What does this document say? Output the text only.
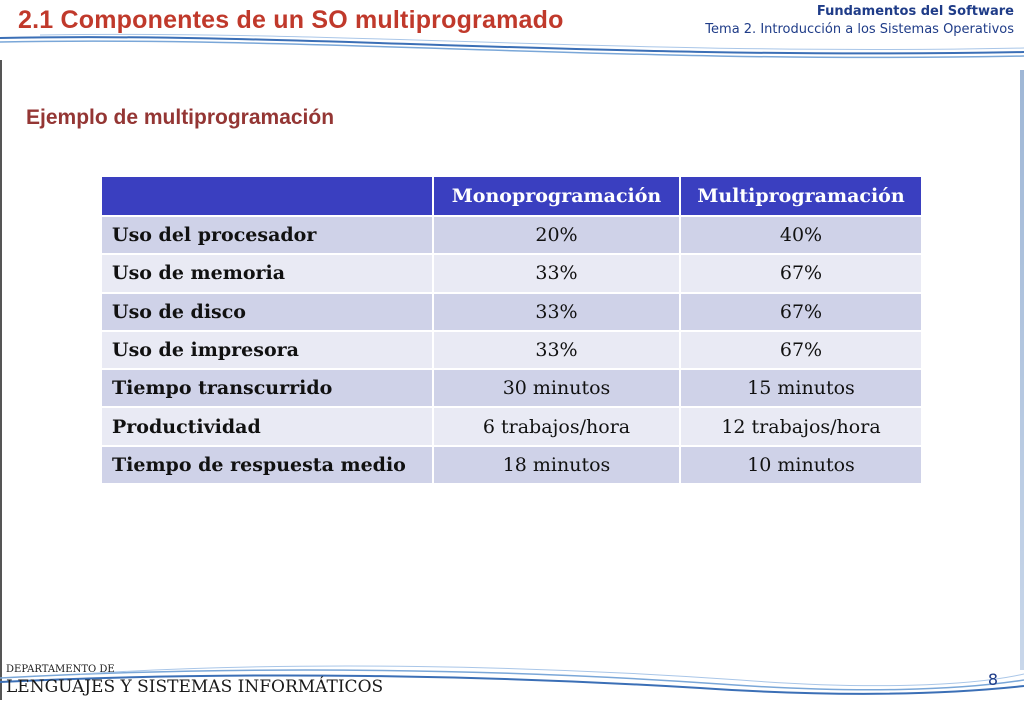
2.1 Componentes de un SO multiprogramado	Fundamentos del Software
Tema 2. Introducción a los Sistemas Operativos
Ejemplo de multiprogramación
	Monoprogramación	Multiprogramación
Uso del procesador	20%	40%
Uso de memoria	33%	67%
Uso de disco	33%	67%
Uso de impresora	33%	67%
Tiempo transcurrido	30 minutos	15 minutos
Productividad	6 trabajos/hora	12 trabajos/hora
Tiempo de respuesta medio	18 minutos	10 minutos
DEPARTAMENTO DE
LENGUAJES Y SISTEMAS INFORMÁTICOS	8
